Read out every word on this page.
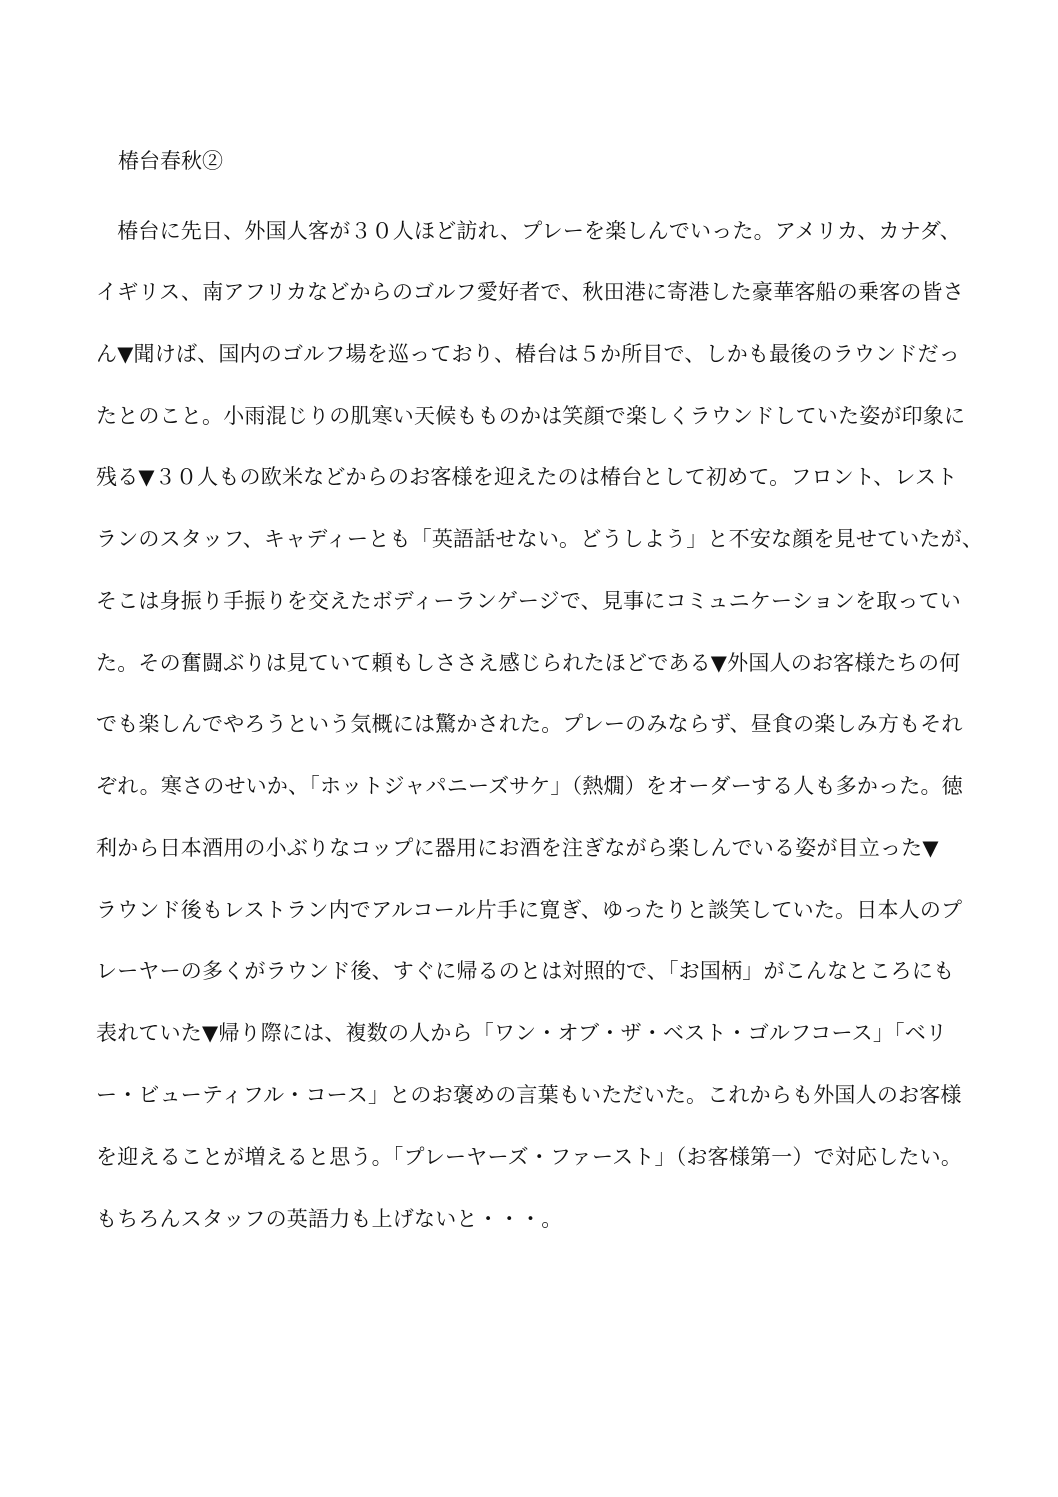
椿台春秋②
　椿台に先日、外国人客が３０人ほど訪れ、プレーを楽しんでいった。アメリカ、カナダ、
イギリス、南アフリカなどからのゴルフ愛好者で、秋田港に寄港した豪華客船の乗客の皆さ
ん▼聞けば、国内のゴルフ場を巡っており、椿台は５か所目で、しかも最後のラウンドだっ
たとのこと。小雨混じりの肌寒い天候もものかは笑顔で楽しくラウンドしていた姿が印象に
残る▼３０人もの欧米などからのお客様を迎えたのは椿台として初めて。フロント、レスト
ランのスタッフ、キャディーとも「英語話せない。どうしよう」と不安な顔を見せていたが、
そこは身振り手振りを交えたボディーランゲージで、見事にコミュニケーションを取ってい
た。その奮闘ぶりは見ていて頼もしささえ感じられたほどである▼外国人のお客様たちの何
でも楽しんでやろうという気概には驚かされた。プレーのみならず、昼食の楽しみ方もそれ
ぞれ。寒さのせいか、「ホットジャパニーズサケ」（熱燗）をオーダーする人も多かった。徳
利から日本酒用の小ぶりなコップに器用にお酒を注ぎながら楽しんでいる姿が目立った▼
ラウンド後もレストラン内でアルコール片手に寛ぎ、ゆったりと談笑していた。日本人のプ
レーヤーの多くがラウンド後、すぐに帰るのとは対照的で、「お国柄」がこんなところにも
表れていた▼帰り際には、複数の人から「ワン・オブ・ザ・ベスト・ゴルフコース」「ベリ
ー・ビューティフル・コース」とのお褒めの言葉もいただいた。これからも外国人のお客様
を迎えることが増えると思う。「プレーヤーズ・ファースト」（お客様第一）で対応したい。
もちろんスタッフの英語力も上げないと・・・。
